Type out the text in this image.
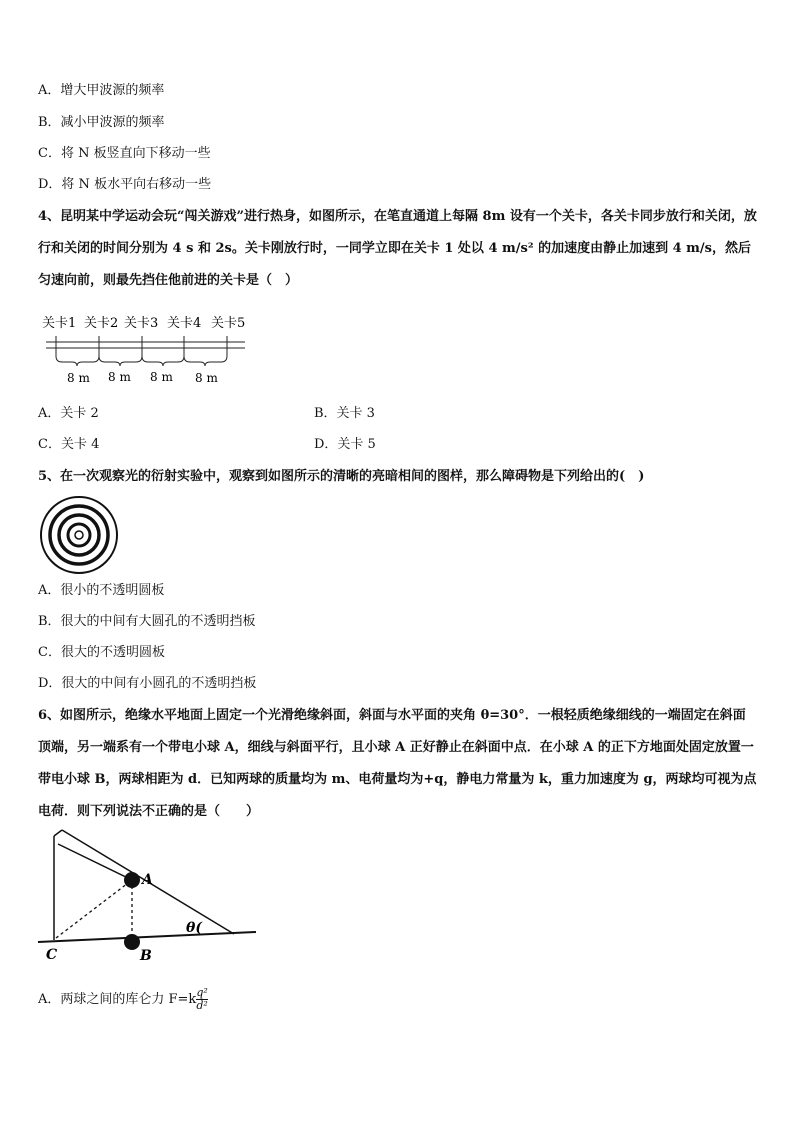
A．增大甲波源的频率
B．减小甲波源的频率
C．将 N 板竖直向下移动一些
D．将 N 板水平向右移动一些
4、昆明某中学运动会玩“闯关游戏”进行热身，如图所示，在笔直通道上每隔 8m 设有一个关卡，各关卡同步放行和关闭，放行和关闭的时间分别为 4 s 和 2s。关卡刚放行时，一同学立即在关卡 1 处以 4 m/s² 的加速度由静止加速到 4 m/s，然后匀速向前，则最先挡住他前进的关卡是（　）
关卡1 关卡2 关卡3 关卡4 关卡5
8 m 8 m 8 m 8 m
A．关卡 2	B．关卡 3
C．关卡 4	D．关卡 5
5、在一次观察光的衍射实验中，观察到如图所示的清晰的亮暗相间的图样，那么障碍物是下列给出的(　)
A．很小的不透明圆板
B．很大的中间有大圆孔的不透明挡板
C．很大的不透明圆板
D．很大的中间有小圆孔的不透明挡板
6、如图所示，绝缘水平地面上固定一个光滑绝缘斜面，斜面与水平面的夹角 θ=30°．一根轻质绝缘细线的一端固定在斜面顶端，另一端系有一个带电小球 A，细线与斜面平行，且小球 A 正好静止在斜面中点．在小球 A 的正下方地面处固定放置一带电小球 B，两球相距为 d．已知两球的质量均为 m、电荷量均为+q，静电力常量为 k，重力加速度为 g，两球均可视为点电荷．则下列说法不正确的是（　　）
A
B
C
θ(
A．两球之间的库仑力 $F=k \frac{\text{q²}}{\text{d²}}$
